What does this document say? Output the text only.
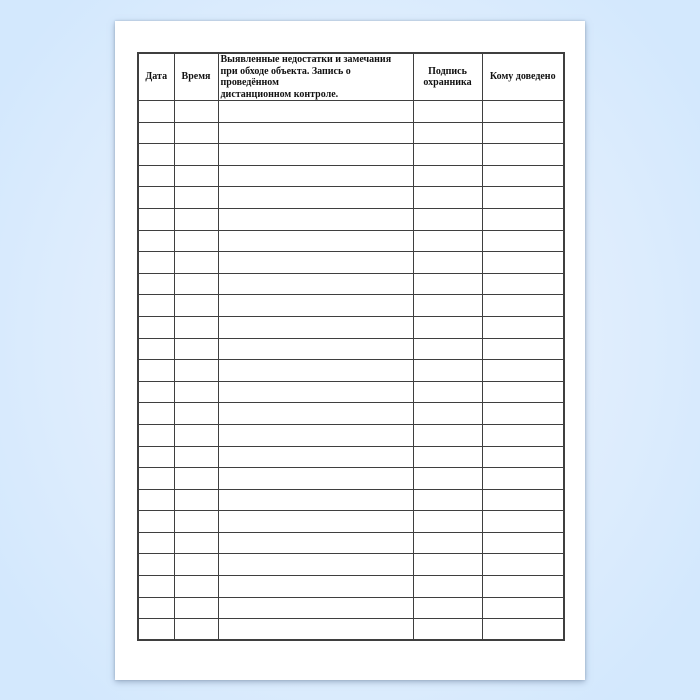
Дата	Время	Выявленные недостатки и замечания
при обходе объекта. Запись о проведённом
дистанционном контроле.	Подпись охранника	Кому доведено
